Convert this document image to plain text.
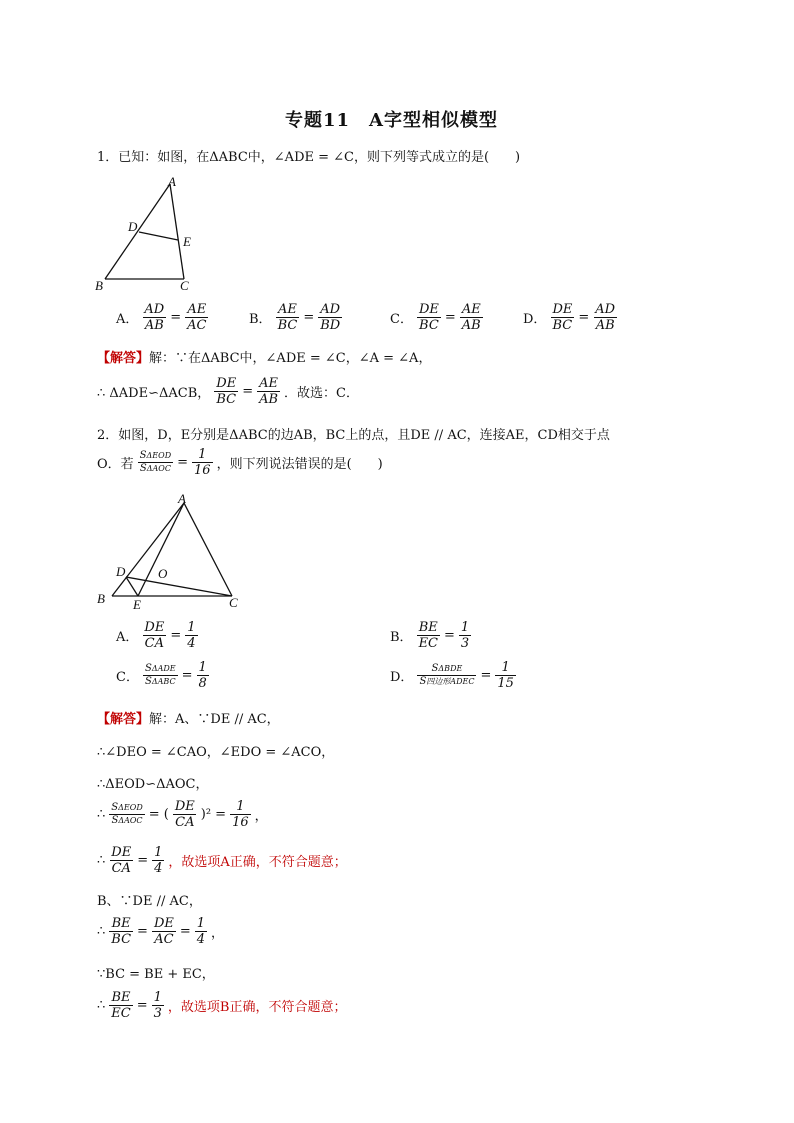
专题11　A字型相似模型
1．已知：如图，在ΔABC中，∠ADE = ∠C，则下列等式成立的是(　　)
A
B	C
D
E
A． $\frac{AD}{AB} = \frac{AE}{AC}$	B． $\frac{AE}{BC} = \frac{AD}{BD}$	C． $\frac{DE}{BC} = \frac{AE}{AB}$	D． $\frac{DE}{BC} = \frac{AD}{AB}$
【解答】解：∵在ΔABC中，∠ADE = ∠C，∠A = ∠A，
∴ ΔADE∽ΔACB， $\frac{DE}{BC} = \frac{AE}{AB}$ ．故选：C．
2．如图，D，E分别是ΔABC的边AB，BC上的点，且DE // AC，连接AE，CD相交于点
O．若 $\frac{\text{SΔEOD}}{\text{SΔAOC}} = \frac{1}{16}$ ，则下列说法错误的是(　　)
A
B	C
D
E
O
A． $\frac{DE}{CA} = \frac{1}{4}$	B． $\frac{BE}{EC} = \frac{1}{3}$
C． $\frac{\text{SΔADE}}{\text{SΔABC}} = \frac{1}{8}$	D． $\frac{\text{SΔBDE}}{\text{S四边形ADEC}} = \frac{1}{15}$
【解答】解：A、∵DE // AC，
∴∠DEO = ∠CAO，∠EDO = ∠ACO，
∴ΔEOD∽ΔAOC，
∴ $\frac{\text{SΔEOD}}{\text{SΔAOC}}$ = ( $\frac{DE}{CA} )^2 = \frac{1}{16}$ ，
∴ $\frac{DE}{CA} = \frac{1}{4}$ ，故选项A正确，不符合题意；
B、∵DE // AC，
∴ $\frac{BE}{BC} = \frac{DE}{AC} = \frac{1}{4}$ ，
∵BC = BE + EC，
∴ $\frac{BE}{EC} = \frac{1}{3}$ ，故选项B正确，不符合题意；
